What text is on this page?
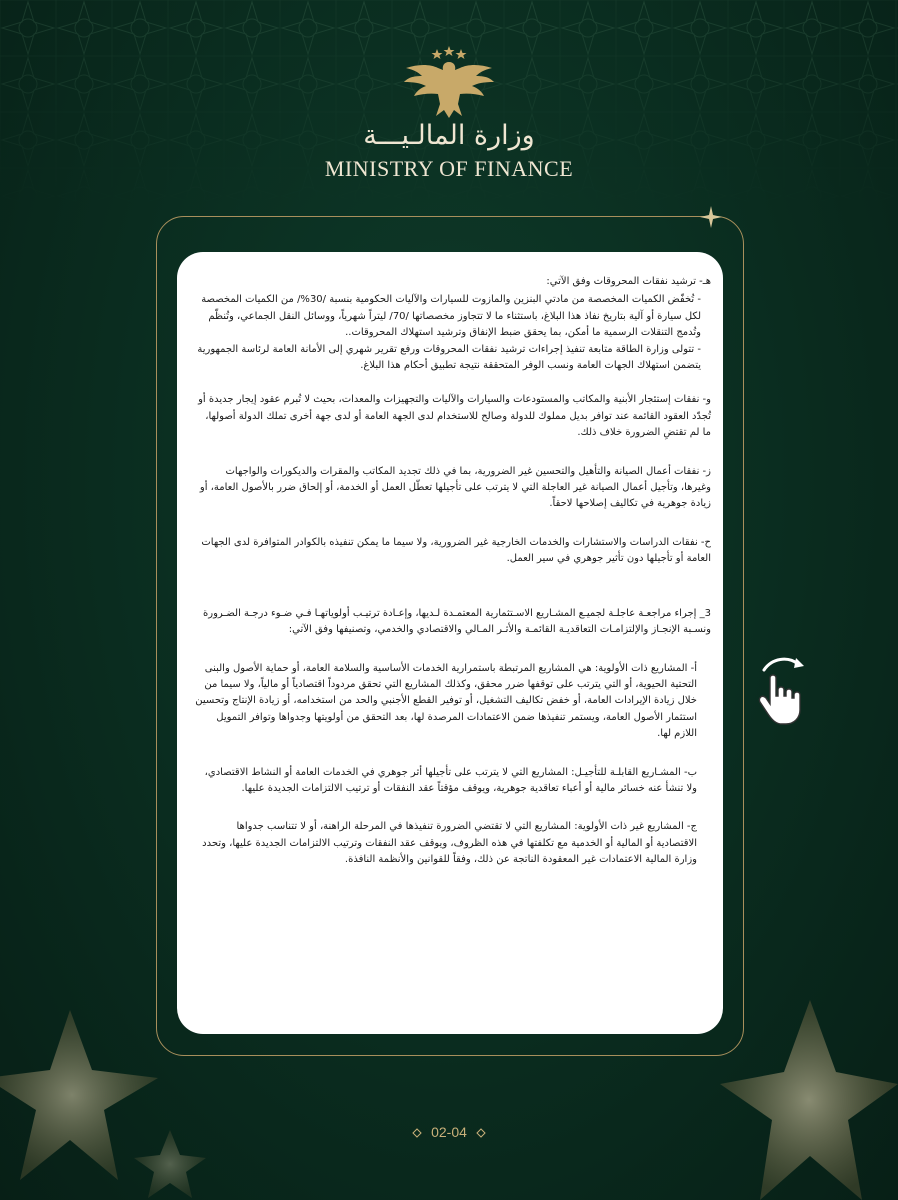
وزارة المالـيـــة
MINISTRY OF FINANCE
هـ- ترشيد نفقات المحروقات وفق الآتي:
- تُخفّض الكميات المخصصة من مادتي البنزين والمازوت للسيارات والآليات الحكومية بنسبة /30%/ من الكميات المخصصة لكل سيارة أو آلية بتاريخ نفاذ هذا البلاغ، باستثناء ما لا تتجاوز مخصصاتها /70/ ليتراً شهرياً، ووسائل النقل الجماعي، وتُنظّم وتُدمج التنقلات الرسمية ما أمكن، بما يحقق ضبط الإنفاق وترشيد استهلاك المحروقات..
- تتولى وزارة الطاقة متابعة تنفيذ إجراءات ترشيد نفقات المحروقات ورفع تقرير شهري إلى الأمانة العامة لرئاسة الجمهورية يتضمن استهلاك الجهات العامة ونسب الوفر المتحققة نتيجة تطبيق أحكام هذا البلاغ.

و- نفقات إستئجار الأبنية والمكاتب والمستودعات والسيارات والآليات والتجهيزات والمعدات، بحيث لا تُبرم عقود إيجار جديدة أو تُجدّد العقود القائمة عند توافر بديل مملوك للدولة وصالح للاستخدام لدى الجهة العامة أو لدى جهة أخرى تملك الدولة أصولها، ما لم تقتضِ الضرورة خلاف ذلك.

ز- نفقات أعمال الصيانة والتأهيل والتحسين غير الضرورية، بما في ذلك تجديد المكاتب والمقرات والديكورات والواجهات وغيرها، وتأجيل أعمال الصيانة غير العاجلة التي لا يترتب على تأجيلها تعطّل العمل أو الخدمة، أو إلحاق ضرر بالأصول العامة، أو زيادة جوهرية في تكاليف إصلاحها لاحقاً.

ح- نفقات الدراسات والاستشارات والخدمات الخارجية غير الضرورية، ولا سيما ما يمكن تنفيذه بالكوادر المتوافرة لدى الجهات العامة أو تأجيلها دون تأثير جوهري في سير العمل.

3_ إجراء مراجعـة عاجلـة لجميـع المشـاريع الاسـتثمارية المعتمـدة لـديها، وإعـادة ترتيـب أولوياتهـا فـي ضـوء درجـة الضـرورة ونسـبة الإنجـاز والإلتزامـات التعاقديـة القائمـة والأثـر المـالي والاقتصادي والخدمي، وتصنيفها وفق الآتي:

أ- المشاريع ذات الأولوية: هي المشاريع المرتبطة باستمرارية الخدمات الأساسية والسلامة العامة، أو حماية الأصول والبنى التحتية الحيوية، أو التي يترتب على توقفها ضرر محقق، وكذلك المشاريع التي تحقق مردوداً اقتصادياً أو مالياً، ولا سيما من خلال زيادة الإيرادات العامة، أو خفض تكاليف التشغيل، أو توفير القطع الأجنبي والحد من استخدامه، أو زيادة الإنتاج وتحسين استثمار الأصول العامة، ويستمر تنفيذها ضمن الاعتمادات المرصدة لها، بعد التحقق من أولويتها وجدواها وتوافر التمويل اللازم لها.

ب- المشـاريع القابلـة للتأجيـل: المشاريع التي لا يترتب على تأجيلها أثر جوهري في الخدمات العامة أو النشاط الاقتصادي، ولا تنشأ عنه خسائر مالية أو أعباء تعاقدية جوهرية، ويوقف مؤقتاً عقد النفقات أو ترتيب الالتزامات الجديدة عليها.

ج- المشاريع غير ذات الأولوية: المشاريع التي لا تقتضي الضرورة تنفيذها في المرحلة الراهنة، أو لا تتناسب جدواها الاقتصادية أو المالية أو الخدمية مع تكلفتها في هذه الظروف، ويوقف عقد النفقات وترتيب الالتزامات الجديدة عليها، وتحدد وزارة المالية الاعتمادات غير المعقودة الناتجة عن ذلك، وفقاً للقوانين والأنظمة النافذة.

02-04
